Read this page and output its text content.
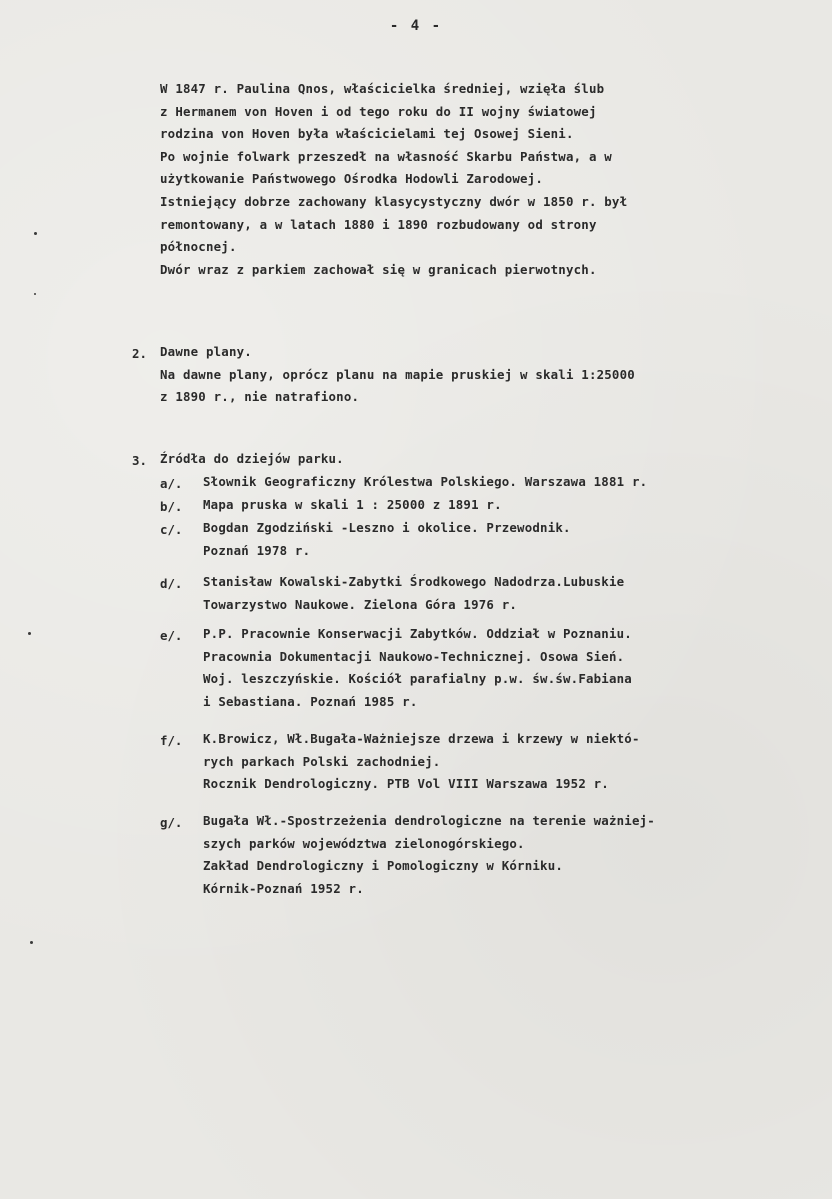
- 4 -
W 1847 r. Paulina Qnos, właścicielka średniej, wzięła ślub
z Hermanem von Hoven i od tego roku do II wojny światowej
rodzina von Hoven była właścicielami tej Osowej Sieni.
Po wojnie folwark przeszedł na własność Skarbu Państwa, a w
użytkowanie Państwowego Ośrodka Hodowli Zarodowej.
Istniejący dobrze zachowany klasycystyczny dwór w 1850 r. był
remontowany, a w latach 1880 i 1890 rozbudowany od strony
północnej.
Dwór wraz z parkiem zachował się w granicach pierwotnych.
2. Dawne plany.
Na dawne plany, oprócz planu na mapie pruskiej w skali 1:25000
z 1890 r., nie natrafiono.
3. Źródła do dziejów parku.
a/. Słownik Geograficzny Królestwa Polskiego. Warszawa 1881 r.
b/. Mapa pruska w skali 1 : 25000 z 1891 r.
c/. Bogdan Zgodziński -Leszno i okolice. Przewodnik.
Poznań 1978 r.
d/. Stanisław Kowalski-Zabytki Środkowego Nadodrza.Lubuskie
Towarzystwo Naukowe. Zielona Góra 1976 r.
e/. P.P. Pracownie Konserwacji Zabytków. Oddział w Poznaniu.
Pracownia Dokumentacji Naukowo-Technicznej. Osowa Sień.
Woj. leszczyńskie. Kościół parafialny p.w. św.św.Fabiana
i Sebastiana. Poznań 1985 r.
f/. K.Browicz, Wł.Bugała-Ważniejsze drzewa i krzewy w niektó-
rych parkach Polski zachodniej.
Rocznik Dendrologiczny. PTB Vol VIII Warszawa 1952 r.
g/. Bugała Wł.-Spostrzeżenia dendrologiczne na terenie ważniej-
szych parków województwa zielonogórskiego.
Zakład Dendrologiczny i Pomologiczny w Kórniku.
Kórnik-Poznań 1952 r.
